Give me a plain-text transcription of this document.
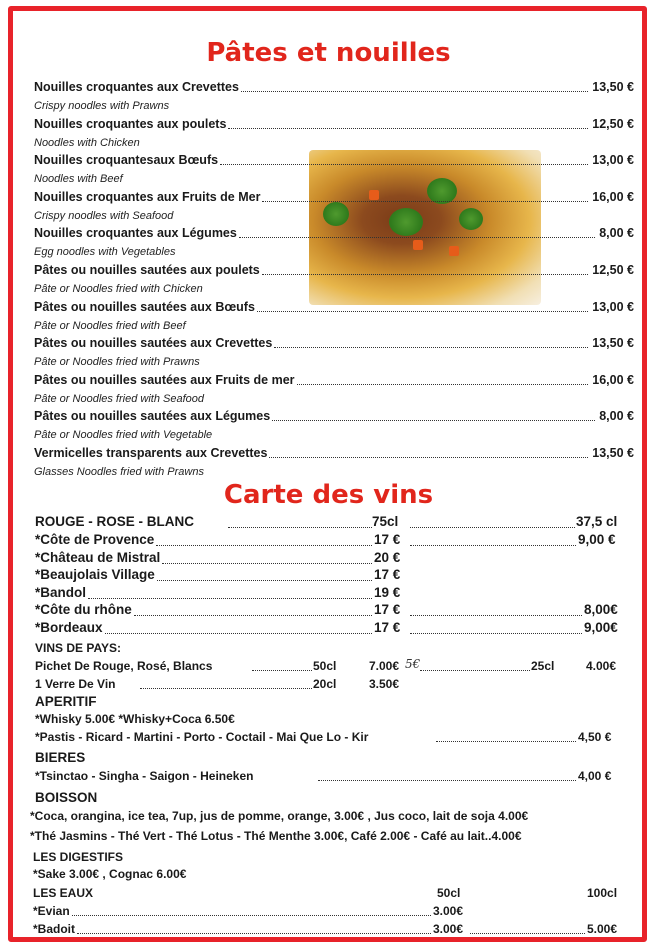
Pâtes et nouilles
Nouilles croquantes aux Crevettes	13,50 €
Crispy noodles with Prawns
Nouilles croquantes aux poulets	12,50 €
Noodles with Chicken
Nouilles croquantesaux Bœufs	13,00 €
Noodles with Beef
Nouilles croquantes aux Fruits de Mer	16,00 €
Crispy noodles with Seafood
Nouilles croquantes aux Légumes	8,00 €
Egg noodles with Vegetables
Pâtes ou nouilles sautées aux poulets	12,50 €
Pâte or Noodles fried with Chicken
Pâtes ou nouilles sautées aux Bœufs	13,00 €
Pâte or Noodles fried with Beef
Pâtes ou nouilles sautées aux Crevettes	13,50 €
Pâte or Noodles fried with Prawns
Pâtes ou nouilles sautées aux Fruits de mer	16,00 €
Pâte or Noodles fried with Seafood
Pâtes ou nouilles sautées aux Légumes	8,00 €
Pâte or Noodles fried with Vegetable
Vermicelles transparents aux Crevettes	13,50 €
Glasses Noodles fried with Prawns
Carte des vins
ROUGE - ROSE - BLANC	75cl	37,5 cl
*Côte de Provence	17 €	9,00 €
*Château de Mistral	20 €
*Beaujolais Village	17 €
*Bandol	19 €
*Côte du rhône	17 €	8,00€
*Bordeaux	17 €	9,00€
VINS DE PAYS:
Pichet De Rouge, Rosé, Blancs	50cl	7.00€ 5€	25cl	4.00€
1 Verre De Vin	20cl	3.50€
APERITIF
*Whisky 5.00€ *Whisky+Coca 6.50€
*Pastis - Ricard - Martini - Porto - Coctail - Mai Que Lo - Kir	4,50 €
BIERES
*Tsinctao - Singha - Saigon - Heineken	4,00 €
BOISSON
*Coca, orangina, ice tea, 7up, jus de pomme, orange, 3.00€ , Jus coco, lait de soja 4.00€
*Thé Jasmins - Thé Vert - Thé Lotus - Thé Menthe 3.00€, Café 2.00€ - Café au lait..4.00€
LES DIGESTIFS
*Sake 3.00€ , Cognac 6.00€
LES EAUX	50cl	100cl
*Evian	3.00€
*Badoit	3.00€	5.00€
